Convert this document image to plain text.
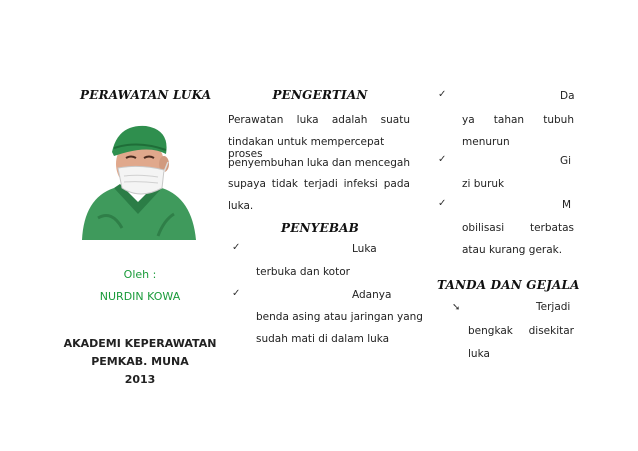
PERAWATAN LUKA
Oleh :
NURDIN KOWA
AKADEMI KEPERAWATAN
PEMKAB. MUNA
2013
PENGERTIAN
Perawatan luka adalah suatu
tindakan untuk mempercepat proses
penyembuhan luka dan mencegah
supaya tidak terjadi infeksi pada
luka.
PENYEBAB
✓	Luka
terbuka dan kotor
✓	Adanya
benda asing atau jaringan yang
sudah mati di dalam luka
✓	Da
ya tahan tubuh
menurun
✓	Gi
zi buruk
✓	M
obilisasi terbatas
atau kurang gerak.
TANDA DAN GEJALA
➘	Terjadi
bengkak disekitar
luka
